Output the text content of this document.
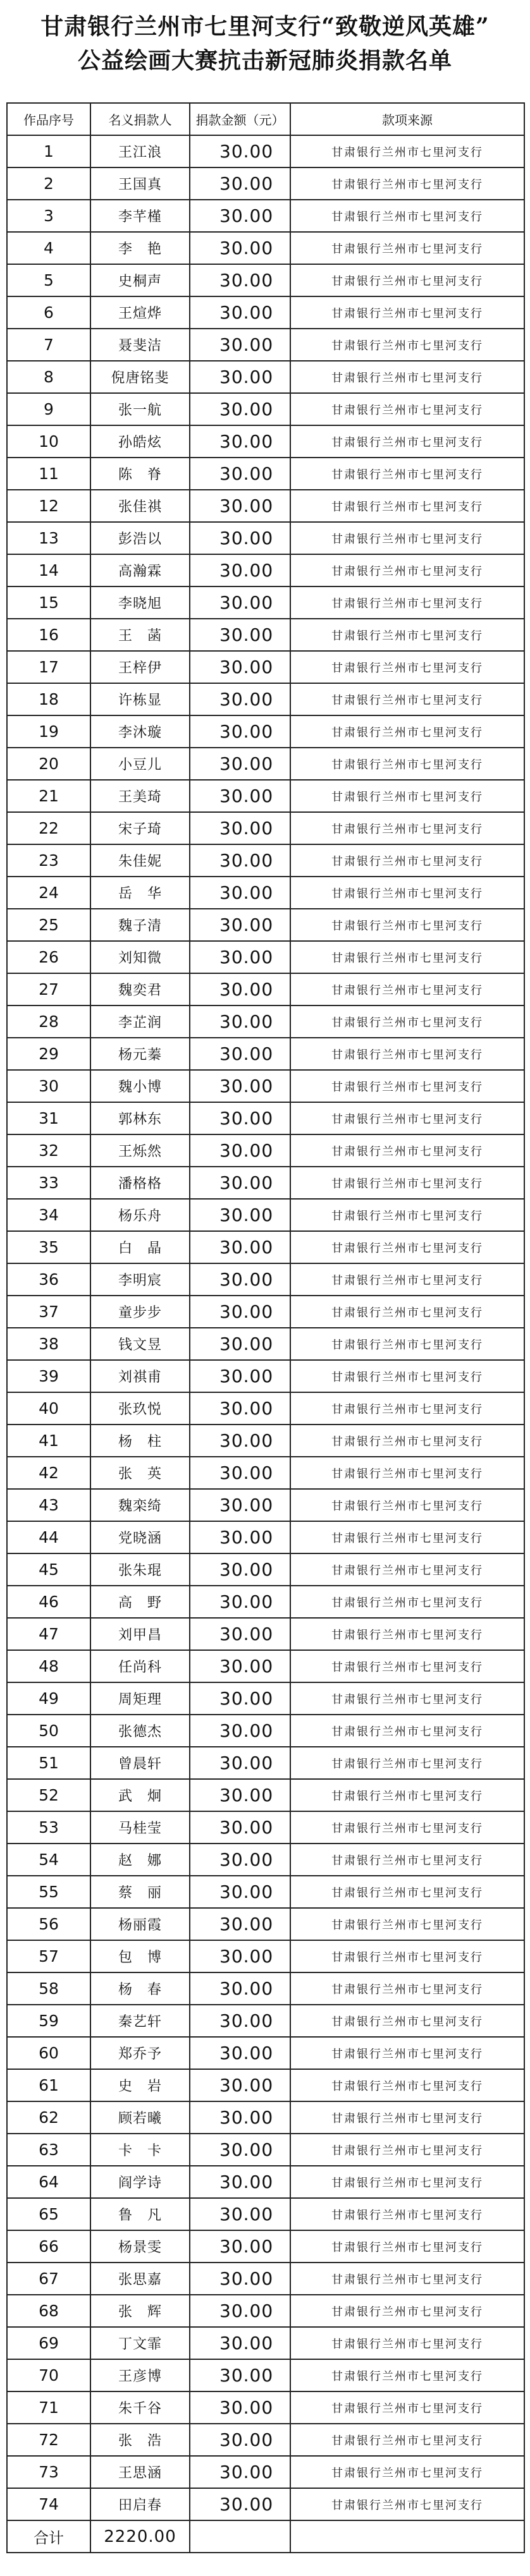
甘肃银行兰州市七里河支行“致敬逆风英雄”
公益绘画大赛抗击新冠肺炎捐款名单
作品序号	名义捐款人	捐款金额（元）	款项来源
1	王江浪	30.00	甘肃银行兰州市七里河支行
2	王国真	30.00	甘肃银行兰州市七里河支行
3	李芊槿	30.00	甘肃银行兰州市七里河支行
4	李　艳	30.00	甘肃银行兰州市七里河支行
5	史桐声	30.00	甘肃银行兰州市七里河支行
6	王煊烨	30.00	甘肃银行兰州市七里河支行
7	聂斐洁	30.00	甘肃银行兰州市七里河支行
8	倪唐铭斐	30.00	甘肃银行兰州市七里河支行
9	张一航	30.00	甘肃银行兰州市七里河支行
10	孙皓炫	30.00	甘肃银行兰州市七里河支行
11	陈　脊	30.00	甘肃银行兰州市七里河支行
12	张佳祺	30.00	甘肃银行兰州市七里河支行
13	彭浩以	30.00	甘肃银行兰州市七里河支行
14	高瀚霖	30.00	甘肃银行兰州市七里河支行
15	李晓旭	30.00	甘肃银行兰州市七里河支行
16	王　菡	30.00	甘肃银行兰州市七里河支行
17	王梓伊	30.00	甘肃银行兰州市七里河支行
18	许栋显	30.00	甘肃银行兰州市七里河支行
19	李沐璇	30.00	甘肃银行兰州市七里河支行
20	小豆儿	30.00	甘肃银行兰州市七里河支行
21	王美琦	30.00	甘肃银行兰州市七里河支行
22	宋子琦	30.00	甘肃银行兰州市七里河支行
23	朱佳妮	30.00	甘肃银行兰州市七里河支行
24	岳　华	30.00	甘肃银行兰州市七里河支行
25	魏子清	30.00	甘肃银行兰州市七里河支行
26	刘知微	30.00	甘肃银行兰州市七里河支行
27	魏奕君	30.00	甘肃银行兰州市七里河支行
28	李芷润	30.00	甘肃银行兰州市七里河支行
29	杨元蓁	30.00	甘肃银行兰州市七里河支行
30	魏小博	30.00	甘肃银行兰州市七里河支行
31	郭林东	30.00	甘肃银行兰州市七里河支行
32	王烁然	30.00	甘肃银行兰州市七里河支行
33	潘格格	30.00	甘肃银行兰州市七里河支行
34	杨乐舟	30.00	甘肃银行兰州市七里河支行
35	白　晶	30.00	甘肃银行兰州市七里河支行
36	李明宸	30.00	甘肃银行兰州市七里河支行
37	童步步	30.00	甘肃银行兰州市七里河支行
38	钱文昱	30.00	甘肃银行兰州市七里河支行
39	刘祺甫	30.00	甘肃银行兰州市七里河支行
40	张玖悦	30.00	甘肃银行兰州市七里河支行
41	杨　柱	30.00	甘肃银行兰州市七里河支行
42	张　英	30.00	甘肃银行兰州市七里河支行
43	魏栾绮	30.00	甘肃银行兰州市七里河支行
44	党晓涵	30.00	甘肃银行兰州市七里河支行
45	张朱琨	30.00	甘肃银行兰州市七里河支行
46	高　野	30.00	甘肃银行兰州市七里河支行
47	刘甲昌	30.00	甘肃银行兰州市七里河支行
48	任尚科	30.00	甘肃银行兰州市七里河支行
49	周矩理	30.00	甘肃银行兰州市七里河支行
50	张德杰	30.00	甘肃银行兰州市七里河支行
51	曾晨轩	30.00	甘肃银行兰州市七里河支行
52	武　炯	30.00	甘肃银行兰州市七里河支行
53	马桂莹	30.00	甘肃银行兰州市七里河支行
54	赵　娜	30.00	甘肃银行兰州市七里河支行
55	蔡　丽	30.00	甘肃银行兰州市七里河支行
56	杨丽霞	30.00	甘肃银行兰州市七里河支行
57	包　博	30.00	甘肃银行兰州市七里河支行
58	杨　春	30.00	甘肃银行兰州市七里河支行
59	秦艺轩	30.00	甘肃银行兰州市七里河支行
60	郑乔予	30.00	甘肃银行兰州市七里河支行
61	史　岩	30.00	甘肃银行兰州市七里河支行
62	顾若曦	30.00	甘肃银行兰州市七里河支行
63	卡　卡	30.00	甘肃银行兰州市七里河支行
64	阎学诗	30.00	甘肃银行兰州市七里河支行
65	鲁　凡	30.00	甘肃银行兰州市七里河支行
66	杨景雯	30.00	甘肃银行兰州市七里河支行
67	张思嘉	30.00	甘肃银行兰州市七里河支行
68	张　辉	30.00	甘肃银行兰州市七里河支行
69	丁文霏	30.00	甘肃银行兰州市七里河支行
70	王彦博	30.00	甘肃银行兰州市七里河支行
71	朱千谷	30.00	甘肃银行兰州市七里河支行
72	张　浩	30.00	甘肃银行兰州市七里河支行
73	王思涵	30.00	甘肃银行兰州市七里河支行
74	田启春	30.00	甘肃银行兰州市七里河支行
合计	2220.00		
